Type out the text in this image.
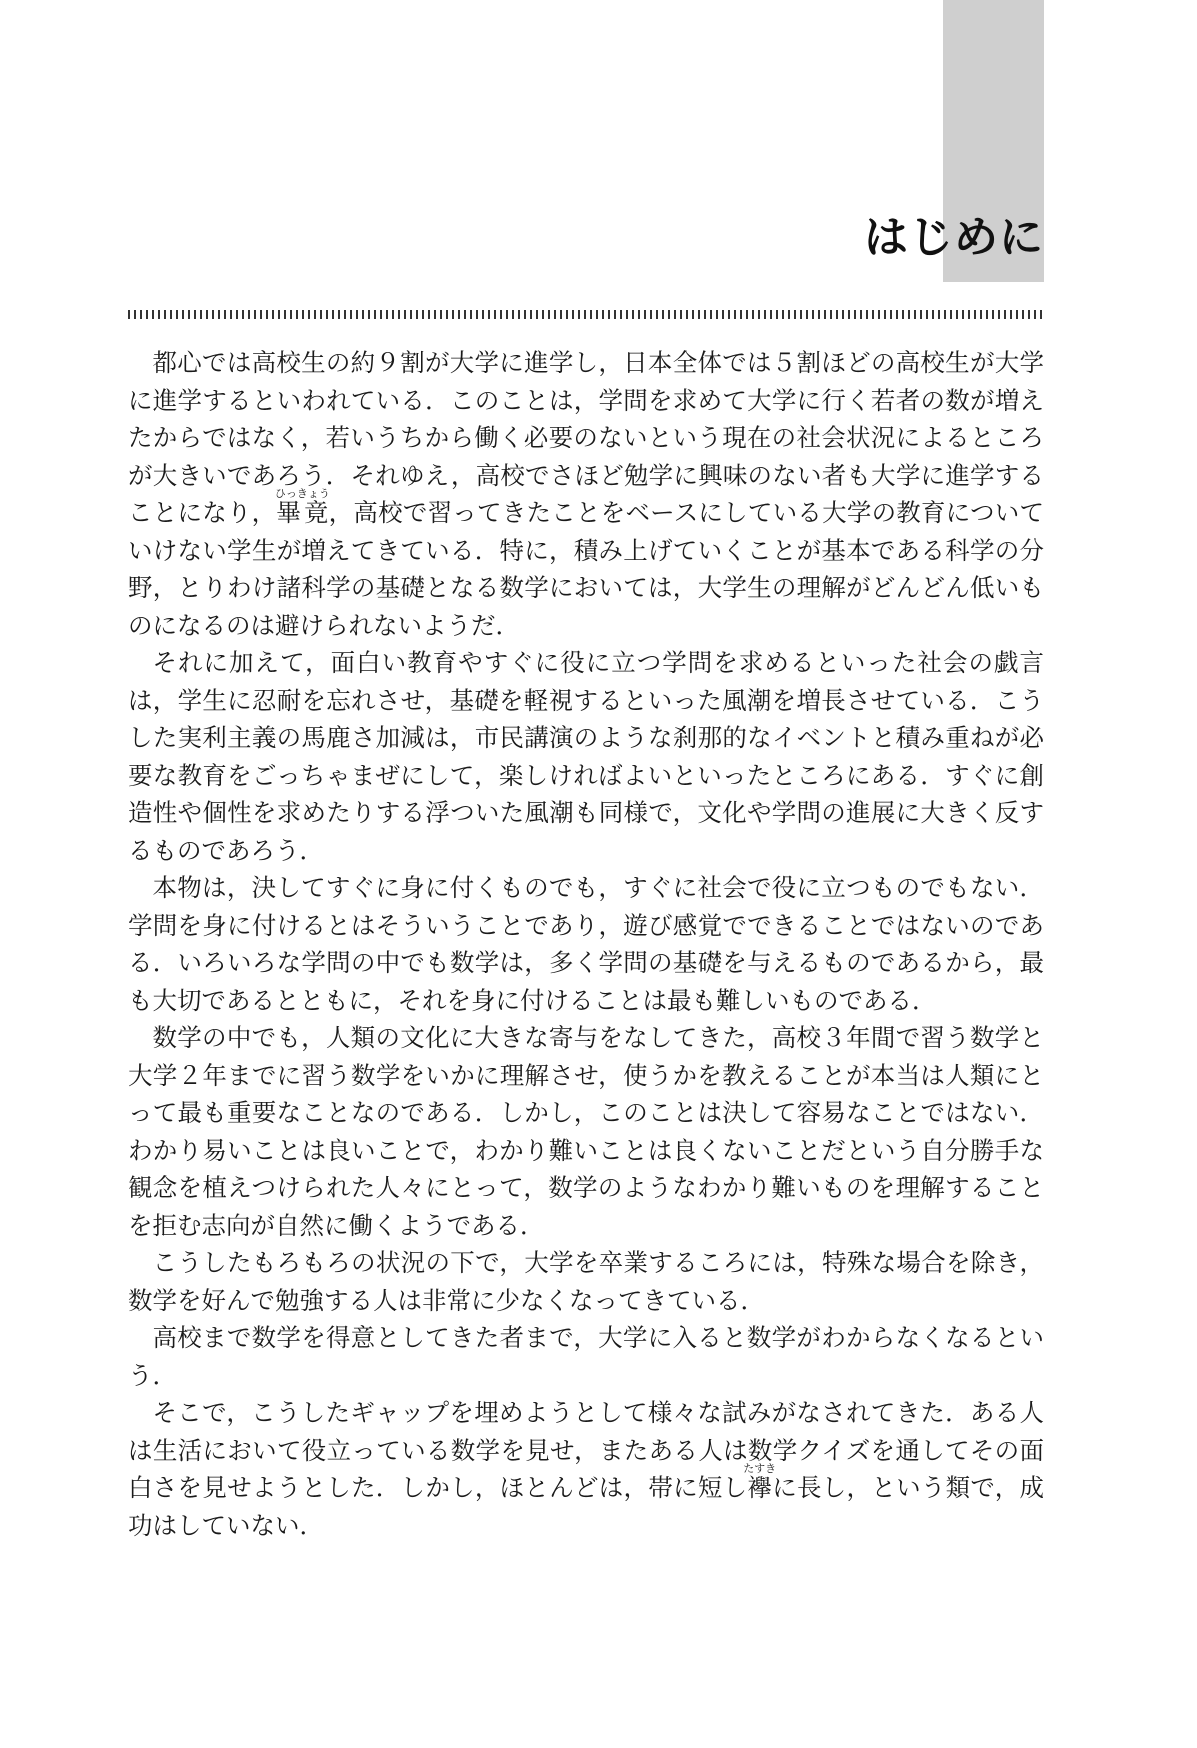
はじめに

都心では高校生の約９割が大学に進学し，日本全体では５割ほどの高校生が大学に進学するといわれている．このことは，学問を求めて大学に行く若者の数が増えたからではなく，若いうちから働く必要のないという現在の社会状況によるところが大きいであろう．それゆえ，高校でさほど勉学に興味のない者も大学に進学することになり，畢竟ひっきょう，高校で習ってきたことをベースにしている大学の教育についていけない学生が増えてきている．特に，積み上げていくことが基本である科学の分野，とりわけ諸科学の基礎となる数学においては，大学生の理解がどんどん低いものになるのは避けられないようだ．

それに加えて，面白い教育やすぐに役に立つ学問を求めるといった社会の戯言は，学生に忍耐を忘れさせ，基礎を軽視するといった風潮を増長させている．こうした実利主義の馬鹿さ加減は，市民講演のような刹那的なイベントと積み重ねが必要な教育をごっちゃまぜにして，楽しければよいといったところにある．すぐに創造性や個性を求めたりする浮ついた風潮も同様で，文化や学問の進展に大きく反するものであろう．

本物は，決してすぐに身に付くものでも，すぐに社会で役に立つものでもない．学問を身に付けるとはそういうことであり，遊び感覚でできることではないのである．いろいろな学問の中でも数学は，多く学問の基礎を与えるものであるから，最も大切であるとともに，それを身に付けることは最も難しいものである．

数学の中でも，人類の文化に大きな寄与をなしてきた，高校３年間で習う数学と大学２年までに習う数学をいかに理解させ，使うかを教えることが本当は人類にとって最も重要なことなのである．しかし，このことは決して容易なことではない．わかり易いことは良いことで，わかり難いことは良くないことだという自分勝手な観念を植えつけられた人々にとって，数学のようなわかり難いものを理解することを拒む志向が自然に働くようである．

こうしたもろもろの状況の下で，大学を卒業するころには，特殊な場合を除き，数学を好んで勉強する人は非常に少なくなってきている．

高校まで数学を得意としてきた者まで，大学に入ると数学がわからなくなるという．

そこで，こうしたギャップを埋めようとして様々な試みがなされてきた．ある人は生活において役立っている数学を見せ，またある人は数学クイズを通してその面白さを見せようとした．しかし，ほとんどは，帯に短し襷たすきに長し，という類で，成功はしていない．
